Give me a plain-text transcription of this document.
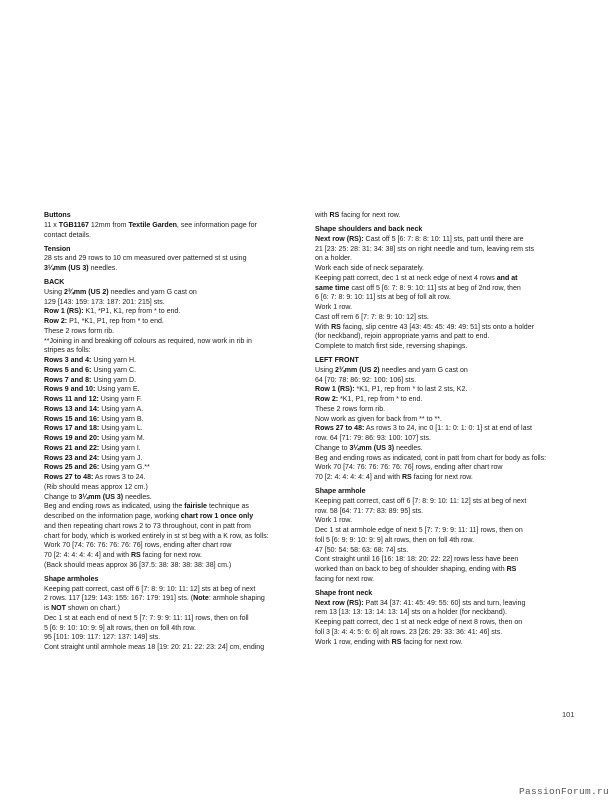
Buttons
11 x TGB1167 12mm from Textile Garden, see information page for
contact details.
Tension
28 sts and 29 rows to 10 cm measured over patterned st st using
3¼mm (US 3) needles.
BACK
Using 2¾mm (US 2) needles and yarn G cast on
129 [143: 159: 173: 187: 201: 215] sts.
Row 1 (RS): K1, *P1, K1, rep from * to end.
Row 2: P1, *K1, P1, rep from * to end.
These 2 rows form rib.
**Joining in and breaking off colours as required, now work in rib in
stripes as folls:
Rows 3 and 4: Using yarn H.
Rows 5 and 6: Using yarn C.
Rows 7 and 8: Using yarn D.
Rows 9 and 10: Using yarn E.
Rows 11 and 12: Using yarn F.
Rows 13 and 14: Using yarn A.
Rows 15 and 16: Using yarn B.
Rows 17 and 18: Using yarn L.
Rows 19 and 20: Using yarn M.
Rows 21 and 22: Using yarn I.
Rows 23 and 24: Using yarn J.
Rows 25 and 26: Using yarn G.**
Rows 27 to 48: As rows 3 to 24.
(Rib should meas approx 12 cm.)
Change to 3¼mm (US 3) needles.
Beg and ending rows as indicated, using the fairisle technique as
described on the information page, working chart row 1 once only
and then repeating chart rows 2 to 73 throughout, cont in patt from
chart for body, which is worked entirely in st st beg with a K row, as folls:
Work 70 [74: 76: 76: 76: 76: 76] rows, ending after chart row
70 [2: 4: 4: 4: 4: 4] and with RS facing for next row.
(Back should meas approx 36 [37.5: 38: 38: 38: 38: 38] cm.)
Shape armholes
Keeping patt correct, cast off 6 [7: 8: 9: 10: 11: 12] sts at beg of next
2 rows. 117 [129: 143: 155: 167: 179: 191] sts. (Note: armhole shaping
is NOT shown on chart.)
Dec 1 st at each end of next 5 [7: 7: 9: 9: 11: 11] rows, then on foll
5 [6: 9: 10: 10: 9: 9] alt rows, then on foll 4th row.
95 [101: 109: 117: 127: 137: 149] sts.
Cont straight until armhole meas 18 [19: 20: 21: 22: 23: 24] cm, ending
with RS facing for next row.
Shape shoulders and back neck
Next row (RS): Cast off 5 [6: 7: 8: 8: 10: 11] sts, patt until there are
21 [23: 25: 28: 31: 34: 38] sts on right needle and turn, leaving rem sts
on a holder.
Work each side of neck separately.
Keeping patt correct, dec 1 st at neck edge of next 4 rows and at
same time cast off 5 [6: 7: 8: 9: 10: 11] sts at beg of 2nd row, then
6 [6: 7: 8: 9: 10: 11] sts at beg of foll alt row.
Work 1 row.
Cast off rem 6 [7: 7: 8: 9: 10: 12] sts.
With RS facing, slip centre 43 [43: 45: 45: 49: 49: 51] sts onto a holder
(for neckband), rejoin appropriate yarns and patt to end.
Complete to match first side, reversing shapings.
LEFT FRONT
Using 2¾mm (US 2) needles and yarn G cast on
64 [70: 78: 86: 92: 100: 106] sts.
Row 1 (RS): *K1, P1, rep from * to last 2 sts, K2.
Row 2: *K1, P1, rep from * to end.
These 2 rows form rib.
Now work as given for back from ** to **.
Rows 27 to 48: As rows 3 to 24, inc 0 [1: 1: 0: 1: 0: 1] st at end of last
row. 64 [71: 79: 86: 93: 100: 107] sts.
Change to 3¼mm (US 3) needles.
Beg and ending rows as indicated, cont in patt from chart for body as folls:
Work 70 [74: 76: 76: 76: 76: 76] rows, ending after chart row
70 [2: 4: 4: 4: 4: 4] and with RS facing for next row.
Shape armhole
Keeping patt correct, cast off 6 [7: 8: 9: 10: 11: 12] sts at beg of next
row. 58 [64: 71: 77: 83: 89: 95] sts.
Work 1 row.
Dec 1 st at armhole edge of next 5 [7: 7: 9: 9: 11: 11] rows, then on
foll 5 [6: 9: 9: 10: 9: 9] alt rows, then on foll 4th row.
47 [50: 54: 58: 63: 68: 74] sts.
Cont straight until 16 [16: 18: 18: 20: 22: 22] rows less have been
worked than on back to beg of shoulder shaping, ending with RS
facing for next row.
Shape front neck
Next row (RS): Patt 34 [37: 41: 45: 49: 55: 60] sts and turn, leaving
rem 13 [13: 13: 13: 14: 13: 14] sts on a holder (for neckband).
Keeping patt correct, dec 1 st at neck edge of next 8 rows, then on
foll 3 [3: 4: 4: 5: 6: 6] alt rows. 23 [26: 29: 33: 36: 41: 46] sts.
Work 1 row, ending with RS facing for next row.
101
PassionForum.ru
